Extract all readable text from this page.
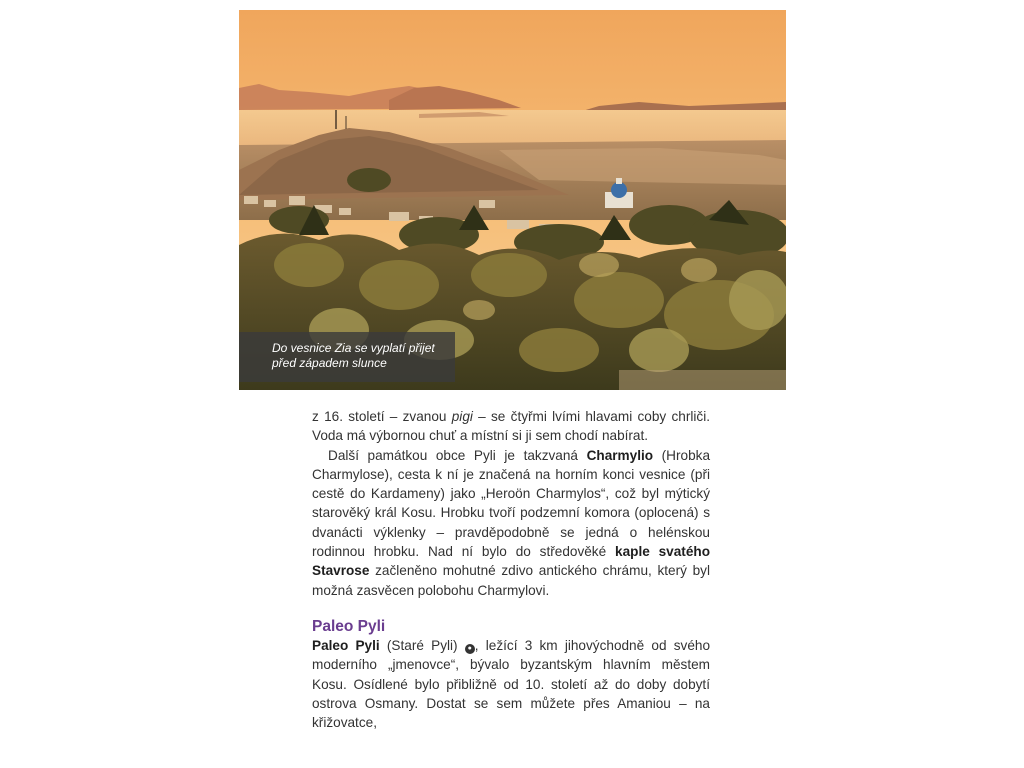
Do vesnice Zia se vyplatí přijet
před západem slunce

z 16. století – zvanou pigi – se čtyřmi lvími hlavami coby chrliči. Voda má výbornou chuť a místní si ji sem chodí nabírat.

Další památkou obce Pyli je takzvaná Charmylio (Hrobka Charmylose), cesta k ní je značená na horním konci vesnice (při cestě do Kardameny) jako „Heroön Charmylos“, což byl mýtický starověký král Kosu. Hrobku tvoří podzemní komora (oplocená) s dvanácti výklenky – pravděpodobně se jedná o helénskou rodinnou hrobku. Nad ní bylo do středověké kaple svatého Stavrose začleněno mohutné zdivo antického chrámu, který byl možná zasvěcen polobohu Charmylovi.

Paleo Pyli

Paleo Pyli (Staré Pyli) ● , ležící 3 km jihovýchodně od svého moderního „jmenovce“, bývalo byzantským hlavním městem Kosu. Osídlené bylo přibližně od 10. století až do doby dobytí ostrova Osmany. Dostat se sem můžete přes Amaniou – na křižovatce,
